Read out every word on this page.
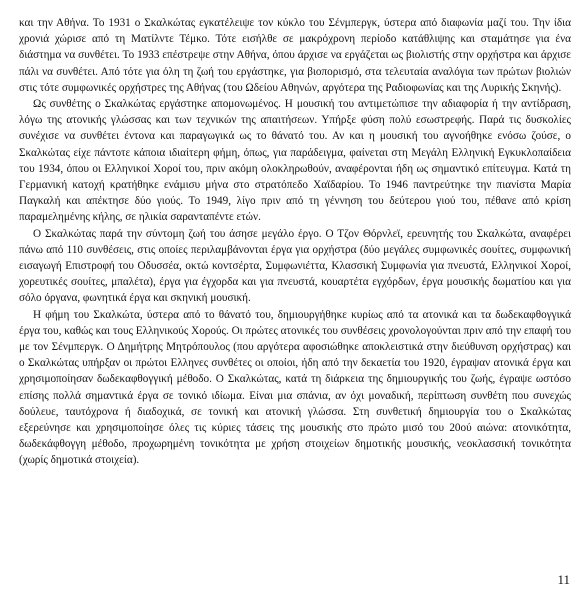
και την Αθήνα. Το 1931 ο Σκαλκώτας εγκατέλειψε τον κύκλο του Σένμπεργκ, ύστερα από διαφωνία μαζί του. Την ίδια χρονιά χώρισε από τη Ματίλντε Τέμκο. Τότε εισήλθε σε μακρόχρονη περίοδο κατάθλιψης και σταμάτησε για ένα διάστημα να συνθέτει. Το 1933 επέστρεψε στην Αθήνα, όπου άρχισε να εργάζεται ως βιολιστής στην ορχήστρα και άρχισε πάλι να συνθέτει. Από τότε για όλη τη ζωή του εργάστηκε, για βιοπορισμό, στα τελευταία αναλόγια των πρώτων βιολιών στις τότε συμφωνικές ορχήστρες της Αθήνας (του Ωδείου Αθηνών, αργότερα της Ραδιοφωνίας και της Λυρικής Σκηνής).

Ως συνθέτης ο Σκαλκώτας εργάστηκε απομονωμένος. Η μουσική του αντιμετώπισε την αδιαφορία ή την αντίδραση, λόγω της ατονικής γλώσσας και των τεχνικών της απαιτήσεων. Υπήρξε φύση πολύ εσωστρεφής. Παρά τις δυσκολίες συνέχισε να συνθέτει έντονα και παραγωγικά ως το θάνατό του. Αν και η μουσική του αγνοήθηκε ενόσω ζούσε, ο Σκαλκώτας είχε πάντοτε κάποια ιδιαίτερη φήμη, όπως, για παράδειγμα, φαίνεται στη Μεγάλη Ελληνική Εγκυκλοπαίδεια του 1934, όπου οι Ελληνικοί Χοροί του, πριν ακόμη ολοκληρωθούν, αναφέρονται ήδη ως σημαντικό επίτευγμα. Κατά τη Γερμανική κατοχή κρατήθηκε ενάμισυ μήνα στο στρατόπεδο Χαϊδαρίου. Το 1946 παντρεύτηκε την πιανίστα Μαρία Παγκαλή και απέκτησε δύο γιούς. Το 1949, λίγο πριν από τη γέννηση του δεύτερου γιού του, πέθανε από κρίση παραμελημένης κήλης, σε ηλικία σαρανταπέντε ετών.

Ο Σκαλκώτας παρά την σύντομη ζωή του άσησε μεγάλο έργο. Ο Τζον Θόρνλεϊ, ερευνητής του Σκαλκώτα, αναφέρει πάνω από 110 συνθέσεις, στις οποίες περιλαμβάνονται έργα για ορχήστρα (δύο μεγάλες συμφωνικές σουίτες, συμφωνική εισαγωγή Επιστροφή του Οδυσσέα, οκτώ κοντσέρτα, Συμφωνιέττα, Κλασσική Συμφωνία για πνευστά, Ελληνικοί Χοροί, χορευτικές σουίτες, μπαλέτα), έργα για έγχορδα και για πνευστά, κουαρτέτα εγχόρδων, έργα μουσικής δωματίου και για σόλο όργανα, φωνητικά έργα και σκηνική μουσική.

Η φήμη του Σκαλκώτα, ύστερα από το θάνατό του, δημιουργήθηκε κυρίως από τα ατονικά και τα δωδεκαφθογγικά έργα του, καθώς και τους Ελληνικούς Χορούς. Οι πρώτες ατονικές του συνθέσεις χρονολογούνται πριν από την επαφή του με τον Σένμπεργκ. Ο Δημήτρης Μητρόπουλος (που αργότερα αφοσιώθηκε αποκλειστικά στην διεύθυνση ορχήστρας) και ο Σκαλκώτας υπήρξαν οι πρώτοι Ελληνες συνθέτες οι οποίοι, ήδη από την δεκαετία του 1920, έγραψαν ατονικά έργα και χρησιμοποίησαν δωδεκαφθογγική μέθοδο. Ο Σκαλκώτας, κατά τη διάρκεια της δημιουργικής του ζωής, έγραψε ωστόσο επίσης πολλά σημαντικά έργα σε τονικό ιδίωμα. Είναι μια σπάνια, αν όχι μοναδική, περίπτωση συνθέτη που συνεχώς δούλευε, ταυτόχρονα ή διαδοχικά, σε τονική και ατονική γλώσσα. Στη συνθετική δημιουργία του ο Σκαλκώτας εξερεύνησε και χρησιμοποίησε όλες τις κύριες τάσεις της μουσικής στο πρώτο μισό του 20ού αιώνα: ατονικότητα, δωδεκάφθογγη μέθοδο, προχωρημένη τονικότητα με χρήση στοιχείων δημοτικής μουσικής, νεοκλασσική τονικότητα (χωρίς δημοτικά στοιχεία).

11
